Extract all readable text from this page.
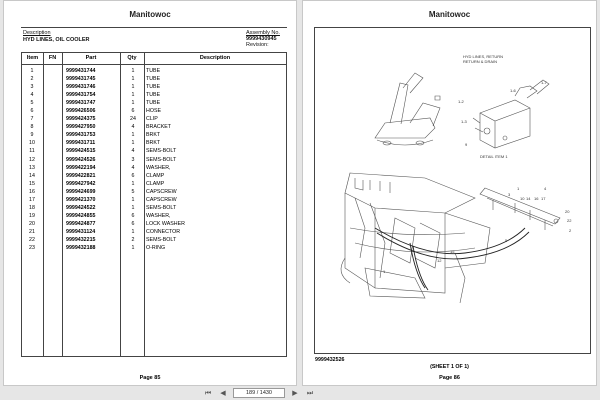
Manitowoc
Description
HYD LINES, OIL COOLER
Assembly No.
9999430945
Revision:
Item	FN	Part	Qty	Description
1	9999431744	1	TUBE
2	9999431745	1	TUBE
3	9999431746	1	TUBE
4	9999431754	1	TUBE
5	9999431747	1	TUBE
6	9999426506	6	HOSE
7	9999424375	24	CLIP
8	9999427950	4	BRACKET
9	9999431753	1	BRKT
10	9999431711	1	BRKT
11	9999424515	4	SEMS-BOLT
12	9999424526	3	SEMS-BOLT
13	9999422194	4	WASHER,
14	9999422821	6	CLAMP
15	9999427942	1	CLAMP
16	9999424699	5	CAPSCREW
17	9999421370	1	CAPSCREW
18	9999424522	1	SEMS-BOLT
19	9999424855	6	WASHER,
20	9999424877	6	LOCK WASHER
21	9999431124	1	CONNECTOR
22	9999432215	2	SEMS-BOLT
23	9999432188	1	O-RING
Page 85
Manitowoc
HYD LINES, RETURN
RETURN & DRAIN
DETAIL ITEM 1
1-2
1-3
1-6
1-7
9
3
1	4
10 14 16 17
20
22
2
5
15
12
1
9999432526
(SHEET 1 OF 1)
Page 86
⏮	◀	189 / 1430	▶	⏭
